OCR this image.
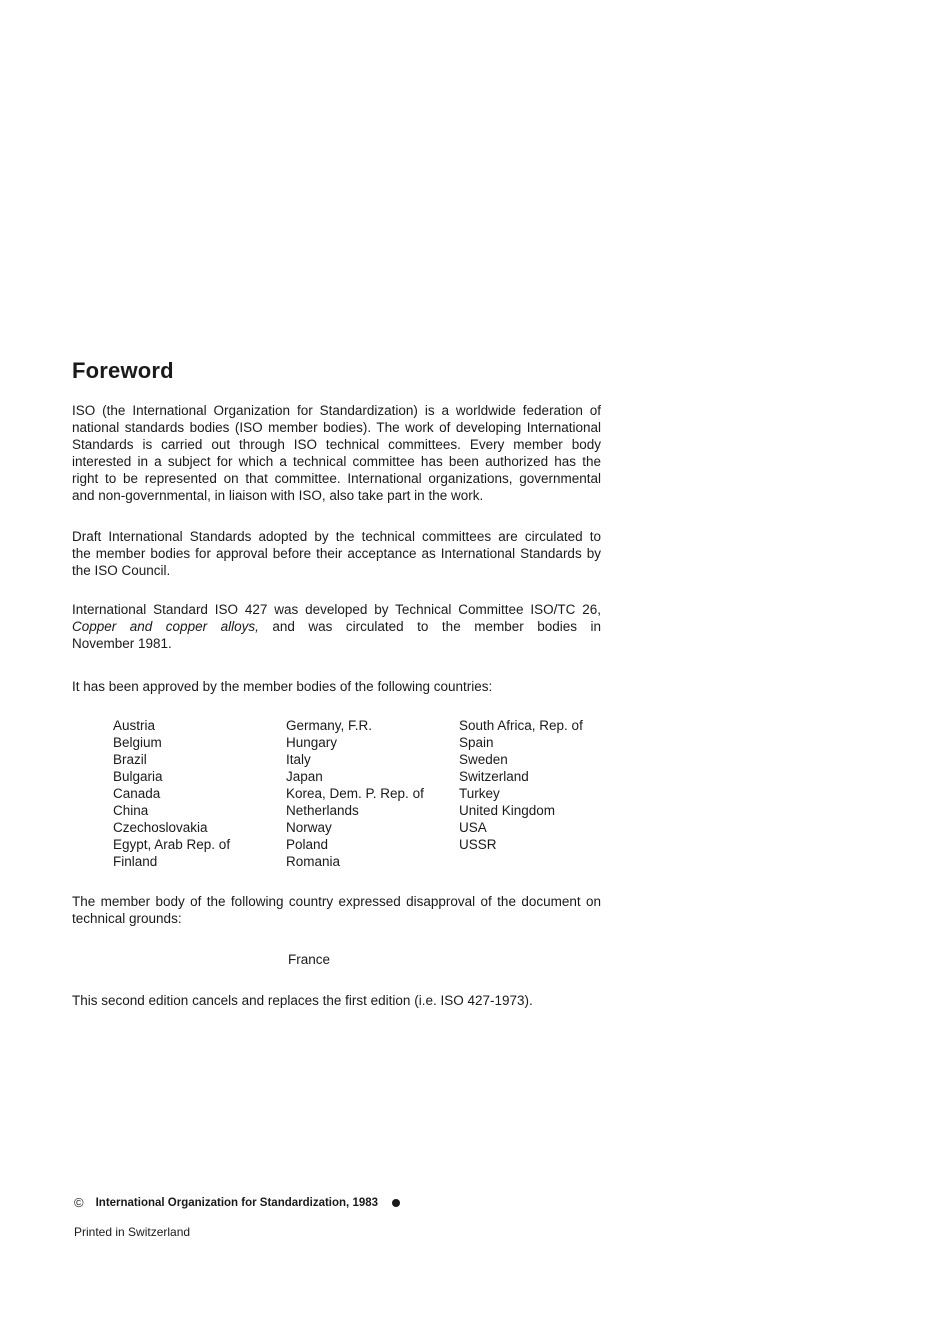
Foreword
ISO (the International Organization for Standardization) is a worldwide federation of
national standards bodies (ISO member bodies). The work of developing International
Standards is carried out through ISO technical committees. Every member body
interested in a subject for which a technical committee has been authorized has the
right to be represented on that committee. International organizations, governmental
and non-governmental, in liaison with ISO, also take part in the work.
Draft International Standards adopted by the technical committees are circulated to
the member bodies for approval before their acceptance as International Standards by
the ISO Council.
International Standard ISO 427 was developed by Technical Committee ISO/TC 26,
Copper and copper alloys, and was circulated to the member bodies in
November 1981.
It has been approved by the member bodies of the following countries:
Austria
Belgium
Brazil
Bulgaria
Canada
China
Czechoslovakia
Egypt, Arab Rep. of
Finland
Germany, F.R.
Hungary
Italy
Japan
Korea, Dem. P. Rep. of
Netherlands
Norway
Poland
Romania
South Africa, Rep. of
Spain
Sweden
Switzerland
Turkey
United Kingdom
USA
USSR
The member body of the following country expressed disapproval of the document on
technical grounds:
France
This second edition cancels and replaces the first edition (i.e. ISO 427-1973).
© International Organization for Standardization, 1983
Printed in Switzerland
